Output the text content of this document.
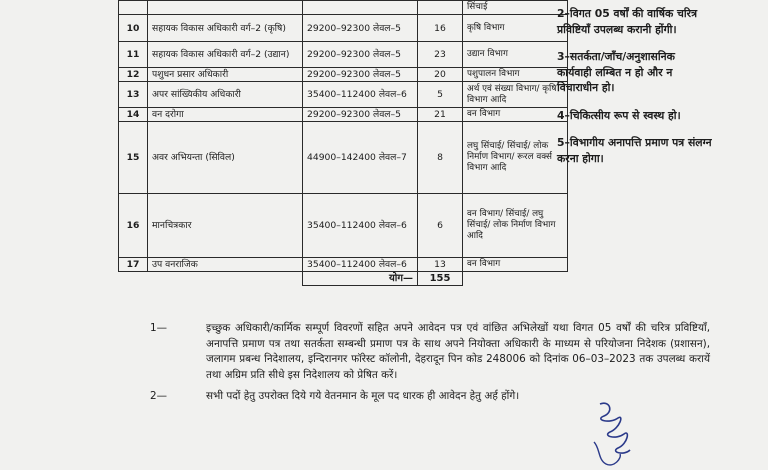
				सिंचाई
10	सहायक विकास अधिकारी वर्ग–2 (कृषि)	29200–92300 लेवल–5	16	कृषि विभाग
11	सहायक विकास अधिकारी वर्ग–2 (उद्यान)	29200–92300 लेवल–5	23	उद्यान विभाग
12	पशुधन प्रसार अधिकारी	29200–92300 लेवल–5	20	पशुपालन विभाग
13	अपर सांख्यिकीय अधिकारी	35400–112400 लेवल–6	5	अर्थ एवं संख्या विभाग/ कृषि विभाग आदि
14	वन दरोगा	29200–92300 लेवल–5	21	वन विभाग
15	अवर अभियन्ता (सिविल)	44900–142400 लेवल–7	8	लघु सिंचाई/ सिंचाई/ लोक निर्माण विभाग/ रूरल वर्क्स विभाग आदि
16	मानचित्रकार	35400–112400 लेवल–6	6	वन विभाग/ सिंचाई/ लघु सिंचाई/ लोक निर्माण विभाग आदि
17	उप वनराजिक	35400–112400 लेवल–6	13	वन विभाग
		योग—	155	

2–विगत 05 वर्षों की वार्षिक चरित्र प्रविष्टियाँ उपलब्ध करानी होंगी।

3–सतर्कता/जाँच/अनुशासनिक कार्यवाही लम्बित न हो और न विचाराधीन हो।

4–चिकित्सीय रूप से स्वस्थ हो।

5–विभागीय अनापत्ति प्रमाण पत्र संलग्न करना होगा।

1—	इच्छुक अधिकारी/कार्मिक सम्पूर्ण विवरणों सहित अपने आवेदन पत्र एवं वांछित अभिलेखों यथा विगत 05 वर्षों की चरित्र प्रविष्टियाँ, अनापत्ति प्रमाण पत्र तथा सतर्कता सम्बन्धी प्रमाण पत्र के साथ अपने नियोक्ता अधिकारी के माध्यम से परियोजना निदेशक (प्रशासन), जलागम प्रबन्ध निदेशालय, इन्दिरानगर फॉरेस्ट कॉलोनी, देहरादून पिन कोड 248006 को दिनांक 06–03–2023 तक उपलब्ध करायें तथा अग्रिम प्रति सीधे इस निदेशालय को प्रेषित करें।
2—	सभी पदों हेतु उपरोक्त दिये गये वेतनमान के मूल पद धारक ही आवेदन हेतु अर्ह होंगे।
